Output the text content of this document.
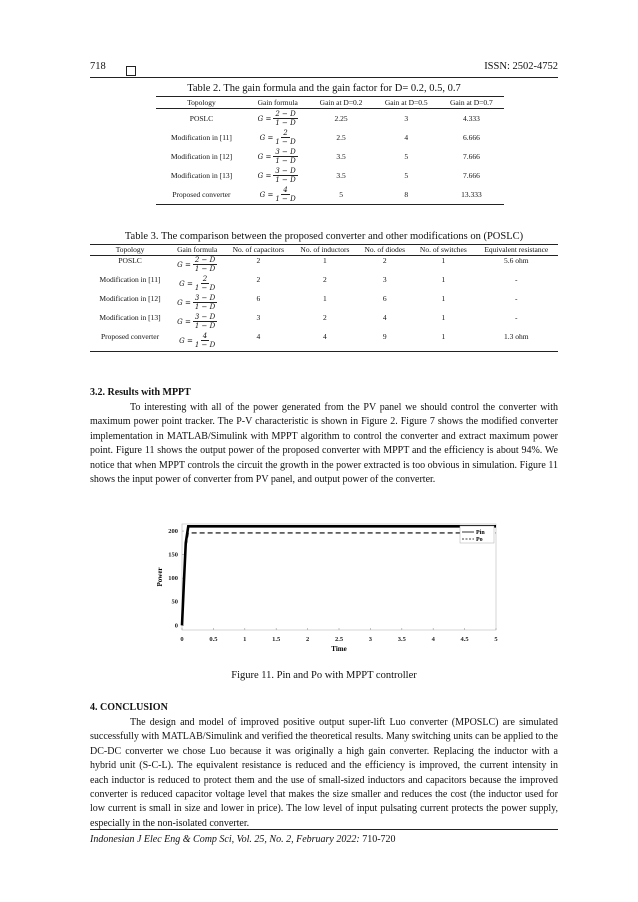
718	ISSN: 2502-4752
Table 2. The gain formula and the gain factor for D= 0.2, 0.5, 0.7
Topology	Gain formula	Gain at D=0.2	Gain at D=0.5	Gain at D=0.7
POSLC	$G = \frac{2 - D}{1 - D}$	2.25	3	4.333
Modification in [11]	$G = \frac{2}{1 - D}$	2.5	4	6.666
Modification in [12]	$G = \frac{3 - D}{1 - D}$	3.5	5	7.666
Modification in [13]	$G = \frac{3 - D}{1 - D}$	3.5	5	7.666
Proposed converter	$G = \frac{4}{1 - D}$	5	8	13.333
Table 3. The comparison between the proposed converter and other modifications on (POSLC)
Topology	Gain formula	No. of capacitors	No. of inductors	No. of diodes	No. of switches	Equivalent resistance
POSLC	$G = \frac{2 - D}{1 - D}$	2	1	2	1	5.6 ohm
Modification in [11]	$G = \frac{2}{1 - D}$	2	2	3	1	-
Modification in [12]	$G = \frac{3 - D}{1 - D}$	6	1	6	1	-
Modification in [13]	$G = \frac{3 - D}{1 - D}$	3	2	4	1	-
Proposed converter	$G = \frac{4}{1 - D}$	4	4	9	1	1.3 ohm
3.2. Results with MPPT
To interesting with all of the power generated from the PV panel we should control the converter with maximum power point tracker. The P-V characteristic is shown in Figure 2. Figure 7 shows the modified converter implementation in MATLAB/Simulink with MPPT algorithm to control the converter and extract maximum power point. Figure 11 shows the output power of the proposed converter with MPPT and the efficiency is about 94%. We notice that when MPPT controls the circuit the growth in the power extracted is too obvious in simulation. Figure 11 shows the input power of converter from PV panel, and output power of the converter.
0	0.5	1	1.5	2	2.5	3	3.5	4	4.5	5
0
50
100
150
200
Time
Power
Pin
Po
Figure 11. Pin and Po with MPPT controller
4. CONCLUSION
The design and model of improved positive output super-lift Luo converter (MPOSLC) are simulated successfully with MATLAB/Simulink and verified the theoretical results. Many switching units can be applied to the DC-DC converter we chose Luo because it was originally a high gain converter. Replacing the inductor with a hybrid unit (S-C-L). The equivalent resistance is reduced and the efficiency is improved, the current intensity in each inductor is reduced to protect them and the use of small-sized inductors and capacitors because the improved converter is reduced capacitor voltage level that makes the size smaller and reduces the cost (the inductor used for low current is small in size and lower in price). The low level of input pulsating current protects the power supply, especially in the non-isolated converter.
Indonesian J Elec Eng & Comp Sci, Vol. 25, No. 2, February 2022: 710-720
